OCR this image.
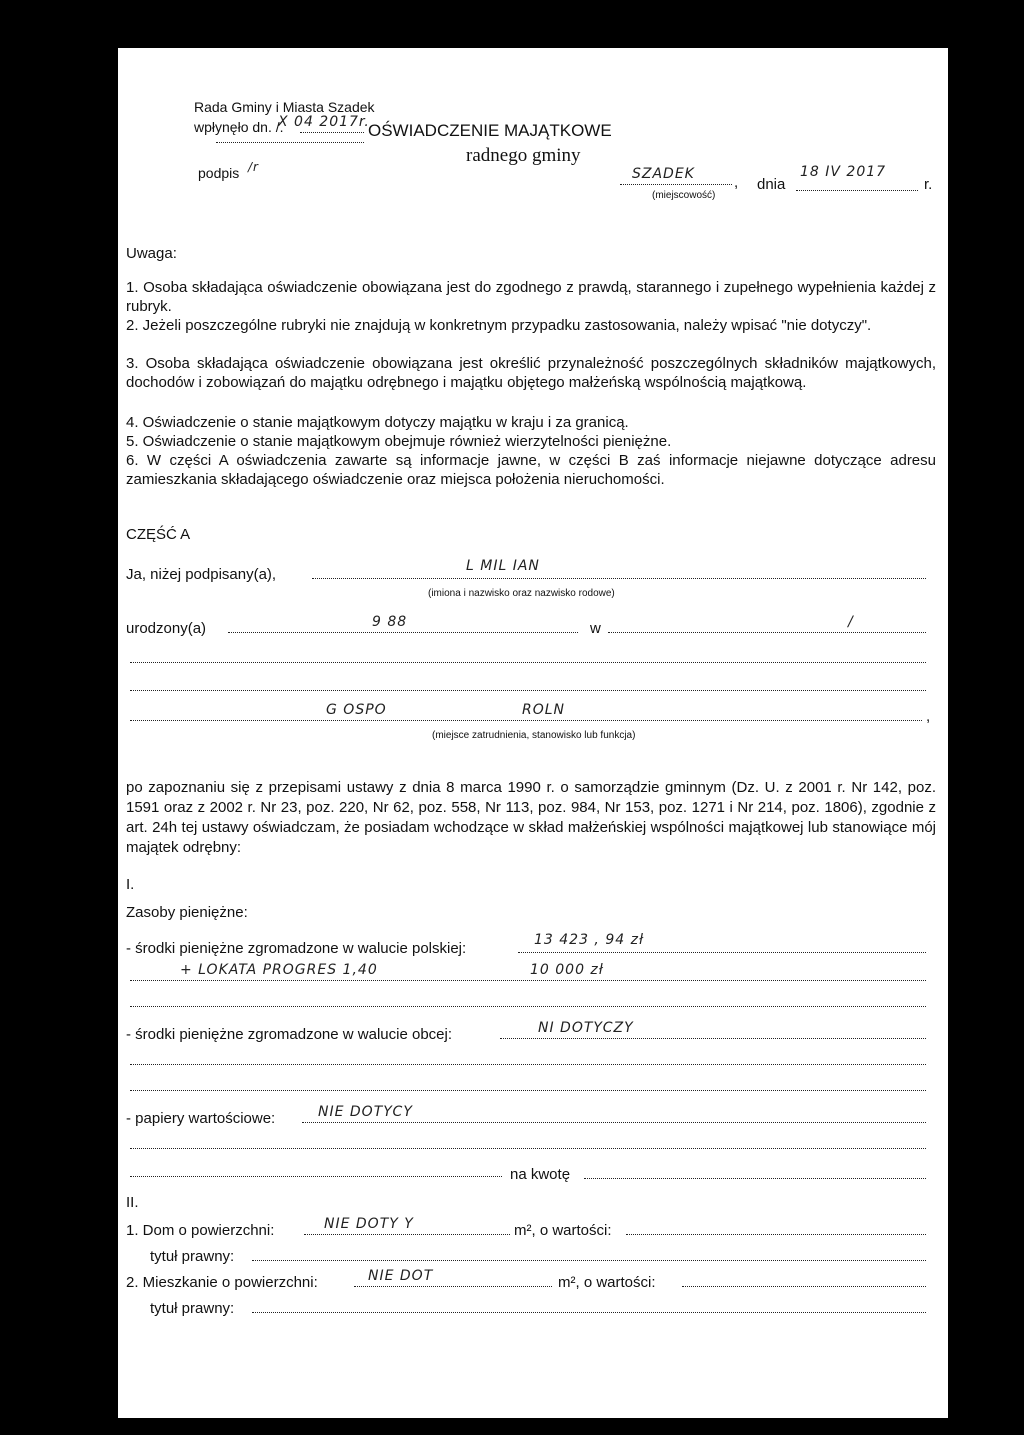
Rada Gminy i Miasta Szadek
wpłynęło dn. /.
X 04 2017r.
podpis /r
OŚWIADCZENIE MAJĄTKOWE
radnego gminy
SZADEK	,
(miejscowość)
dnia
18 IV 2017
r.
Uwaga:
1. Osoba składająca oświadczenie obowiązana jest do zgodnego z prawdą, starannego i zupełnego wypełnienia każdej z rubryk.
2. Jeżeli poszczególne rubryki nie znajdują w konkretnym przypadku zastosowania, należy wpisać "nie dotyczy".
3. Osoba składająca oświadczenie obowiązana jest określić przynależność poszczególnych składników majątkowych, dochodów i zobowiązań do majątku odrębnego i majątku objętego małżeńską wspólnością majątkową.
4. Oświadczenie o stanie majątkowym dotyczy majątku w kraju i za granicą.
5. Oświadczenie o stanie majątkowym obejmuje również wierzytelności pieniężne.
6. W części A oświadczenia zawarte są informacje jawne, w części B zaś informacje niejawne dotyczące adresu zamieszkania składającego oświadczenie oraz miejsca położenia nieruchomości.
CZĘŚĆ A
Ja, niżej podpisany(a),	L MIL IAN
(imiona i nazwisko oraz nazwisko rodowe)
urodzony(a)	9 88	w	/
G OSPO	ROLN	,
(miejsce zatrudnienia, stanowisko lub funkcja)
po zapoznaniu się z przepisami ustawy z dnia 8 marca 1990 r. o samorządzie gminnym (Dz. U. z 2001 r. Nr 142, poz. 1591 oraz z 2002 r. Nr 23, poz. 220, Nr 62, poz. 558, Nr 113, poz. 984, Nr 153, poz. 1271 i Nr 214, poz. 1806), zgodnie z art. 24h tej ustawy oświadczam, że posiadam wchodzące w skład małżeńskiej wspólności majątkowej lub stanowiące mój majątek odrębny:
I.
Zasoby pieniężne:
- środki pieniężne zgromadzone w walucie polskiej:	13 423 , 94 zł
+ LOKATA PROGRES 1,40	10 000 zł
- środki pieniężne zgromadzone w walucie obcej:	NI DOTYCZY
- papiery wartościowe:	NIE DOTYCY
na kwotę
II.
1. Dom o powierzchni:	NIE DOTY Y	m², o wartości:
tytuł prawny:
2. Mieszkanie o powierzchni:	NIE DOT	m², o wartości:
tytuł prawny:
